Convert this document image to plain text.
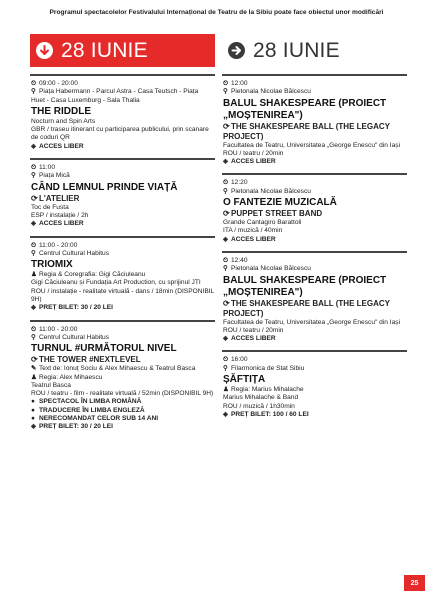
Programul spectacolelor Festivalului Internațional de Teatru de la Sibiu poate face obiectul unor modificări
28 IUNIE
⏲ 09:00 - 20:00
⚲ Piața Habermann - Parcul Astra - Casa Teutsch - Piața Huet - Casa Luxemburg - Sala Thalia
THE RIDDLE
Nocturn and Spin Arts
GBR / traseu itinerant cu participarea publicului, prin scanare de coduri QR
◈ ACCES LIBER
⏲ 11:00
⚲ Piața Mică
CÂND LEMNUL PRINDE VIAȚĂ
⟳L'ATELIER
Toc de Fusta
ESP / instalație / 2h
◈ ACCES LIBER
⏲ 11:00 - 20:00
⚲ Centrul Cultural Habitus
TRIOMIX
♟ Regia & Coregrafia: Gigi Căciuleanu
Gigi Căciuleanu și Fundația Art Production, cu sprijinul JTI
ROU / instalație - realitate virtuală - dans / 18min (DISPONIBIL 9H)
◈ PREȚ BILET: 30 / 20 LEI
⏲ 11:00 - 20:00
⚲ Centrul Cultural Habitus
TURNUL #URMĂTORUL NIVEL
⟳THE TOWER #NEXTLEVEL
✎ Text de: Ionuț Sociu & Alex Mihaescu & Teatrul Basca
♟ Regia: Alex Mihaescu
Teatrul Basca
ROU / teatru - film - realitate virtuală / 52min (DISPONIBIL 9H)
● SPECTACOL ÎN LIMBA ROMÂNĂ
● TRADUCERE ÎN LIMBA ENGLEZĂ
● NERECOMANDAT CELOR SUB 14 ANI
◈ PREȚ BILET: 30 / 20 LEI
28 IUNIE
⏲ 12:00
⚲ Pietonala Nicolae Bălcescu
BALUL SHAKESPEARE (PROIECT „MOȘTENIREA")
⟳THE SHAKESPEARE BALL (THE LEGACY PROJECT)
Facultatea de Teatru, Universitatea „George Enescu" din Iași
ROU / teatru / 20min
◈ ACCES LIBER
⏲ 12:20
⚲ Pietonala Nicolae Bălcescu
O FANTEZIE MUZICALĂ
⟳PUPPET STREET BAND
Grande Cantagiro Barattoli
ITA / muzică / 40min
◈ ACCES LIBER
⏲ 12:40
⚲ Pietonala Nicolae Bălcescu
BALUL SHAKESPEARE (PROIECT „MOȘTENIREA")
⟳THE SHAKESPEARE BALL (THE LEGACY PROJECT)
Facultatea de Teatru, Universitatea „George Enescu" din Iași
ROU / teatru / 20min
◈ ACCES LIBER
⏲ 16:00
⚲ Filarmonica de Stat Sibiu
ȘĂFTIȚA
♟ Regia: Marius Mihalache
Marius Mihalache & Band
ROU / muzică / 1h30min
◈ PREȚ BILET: 100 / 60 LEI
25
